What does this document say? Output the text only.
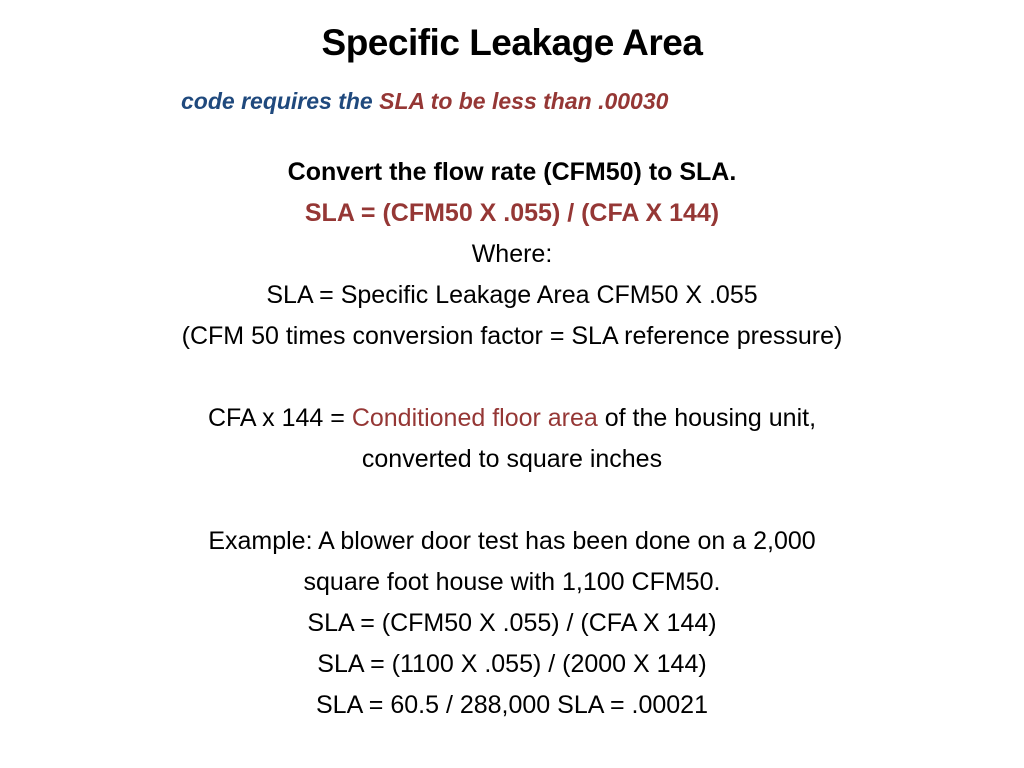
Specific Leakage Area
code requires the SLA to be less than .00030
Convert the flow rate (CFM50) to SLA.
SLA = (CFM50 X .055) / (CFA X 144)
Where:
SLA = Specific Leakage Area CFM50 X .055
(CFM 50 times conversion factor = SLA reference pressure)
CFA x 144 = Conditioned floor area of the housing unit,
converted to square inches
Example: A blower door test has been done on a 2,000
square foot house with 1,100 CFM50.
SLA = (CFM50 X .055) / (CFA X 144)
SLA = (1100 X .055) / (2000 X 144)
SLA = 60.5 / 288,000 SLA = .00021
